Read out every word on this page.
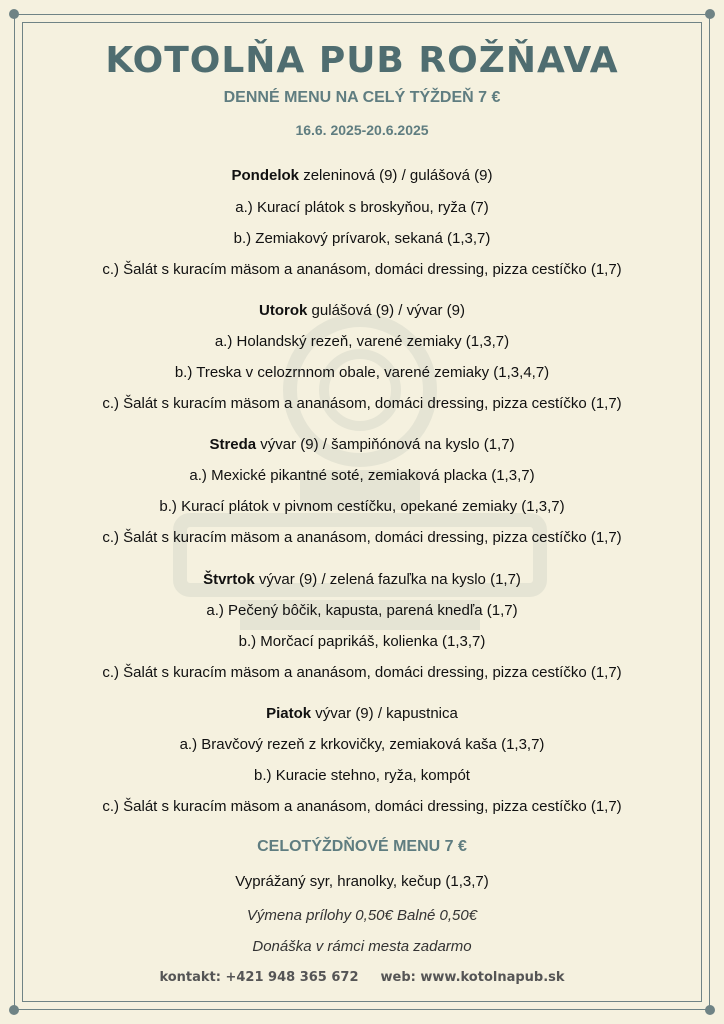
KOTOLŇA PUB ROŽŇAVA
DENNÉ MENU NA CELÝ TÝŽDEŇ 7 €
16.6. 2025-20.6.2025
Pondelok zeleninová (9) / gulášová (9)
a.) Kurací plátok s broskyňou, ryža (7)
b.) Zemiakový prívarok, sekaná (1,3,7)
c.) Šalát s kuracím mäsom a ananásom, domáci dressing, pizza cestíčko (1,7)
Utorok gulášová (9) / vývar (9)
a.) Holandský rezeň, varené zemiaky (1,3,7)
b.) Treska v celozrnnom obale, varené zemiaky (1,3,4,7)
c.) Šalát s kuracím mäsom a ananásom, domáci dressing, pizza cestíčko (1,7)
Streda vývar (9) / šampiňónová na kyslo (1,7)
a.) Mexické pikantné soté, zemiaková placka (1,3,7)
b.) Kurací plátok v pivnom cestíčku, opekané zemiaky (1,3,7)
c.) Šalát s kuracím mäsom a ananásom, domáci dressing, pizza cestíčko (1,7)
Štvrtok vývar (9) / zelená fazuľka na kyslo (1,7)
a.) Pečený bôčik, kapusta, parená knedľa (1,7)
b.) Morčací paprikáš, kolienka (1,3,7)
c.) Šalát s kuracím mäsom a ananásom, domáci dressing, pizza cestíčko (1,7)
Piatok vývar (9) / kapustnica
a.) Bravčový rezeň z krkovičky, zemiaková kaša (1,3,7)
b.) Kuracie stehno, ryža, kompót
c.) Šalát s kuracím mäsom a ananásom, domáci dressing, pizza cestíčko (1,7)
CELOTÝŽDŇOVÉ MENU 7 €
Vyprážaný syr, hranolky, kečup (1,3,7)
Výmena prílohy 0,50€ Balné 0,50€
Donáška v rámci mesta zadarmo
kontakt: +421 948 365 672 web: www.kotolnapub.sk
